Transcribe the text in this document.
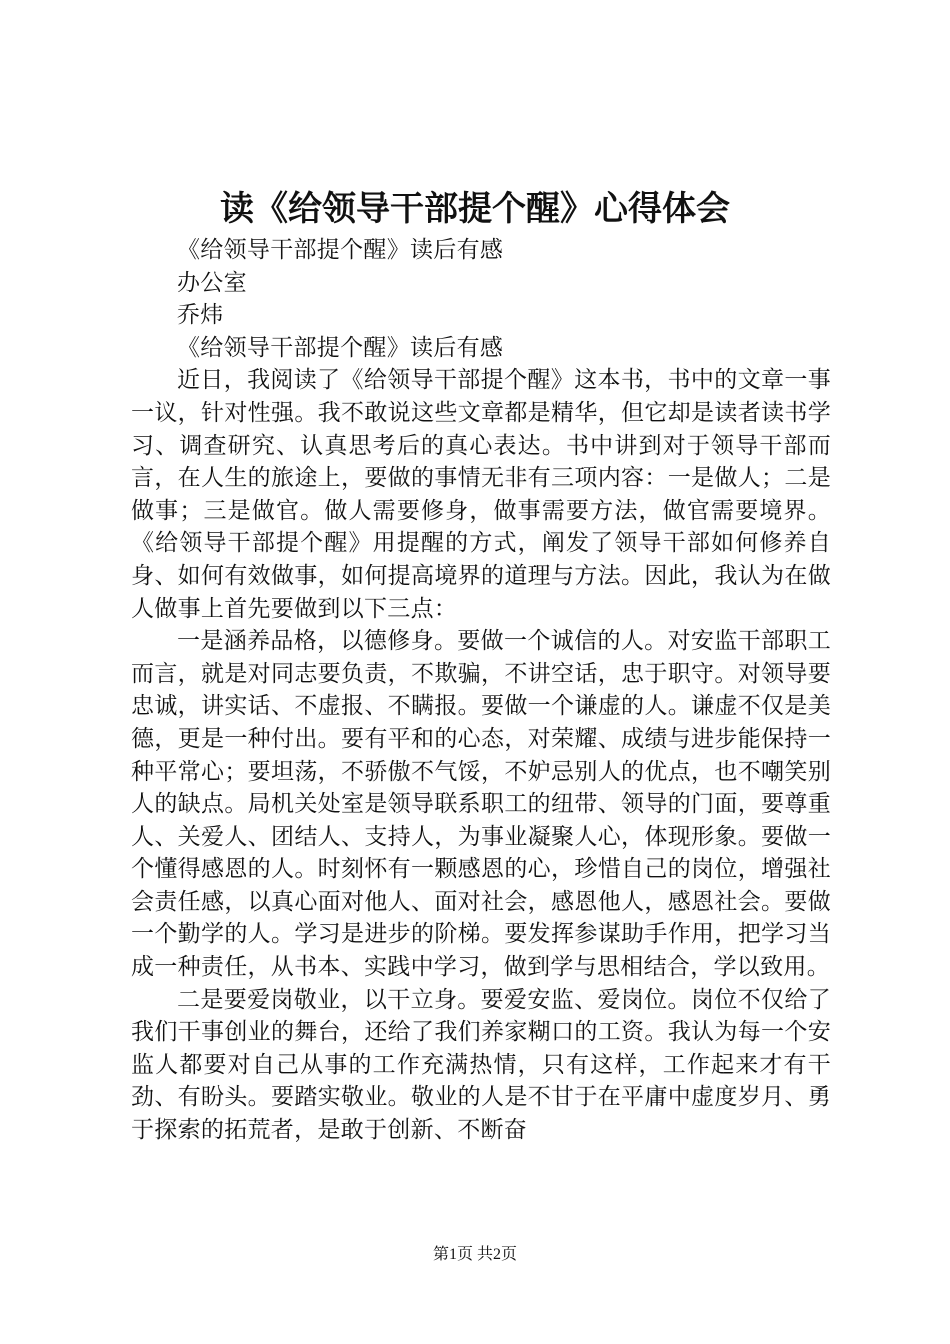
读《给领导干部提个醒》心得体会

《给领导干部提个醒》读后有感

办公室

乔炜

《给领导干部提个醒》读后有感

近日，我阅读了《给领导干部提个醒》这本书，书中的文章一事一议，针对性强。我不敢说这些文章都是精华，但它却是读者读书学习、调查研究、认真思考后的真心表达。书中讲到对于领导干部而言，在人生的旅途上，要做的事情无非有三项内容：一是做人；二是做事；三是做官。做人需要修身，做事需要方法，做官需要境界。《给领导干部提个醒》用提醒的方式，阐发了领导干部如何修养自身、如何有效做事，如何提高境界的道理与方法。因此，我认为在做人做事上首先要做到以下三点：

一是涵养品格，以德修身。要做一个诚信的人。对安监干部职工而言，就是对同志要负责，不欺骗，不讲空话，忠于职守。对领导要忠诚，讲实话、不虚报、不瞒报。要做一个谦虚的人。谦虚不仅是美德，更是一种付出。要有平和的心态，对荣耀、成绩与进步能保持一种平常心；要坦荡，不骄傲不气馁，不妒忌别人的优点，也不嘲笑别人的缺点。局机关处室是领导联系职工的纽带、领导的门面，要尊重人、关爱人、团结人、支持人，为事业凝聚人心，体现形象。要做一个懂得感恩的人。时刻怀有一颗感恩的心，珍惜自己的岗位，增强社会责任感，以真心面对他人、面对社会，感恩他人，感恩社会。要做一个勤学的人。学习是进步的阶梯。要发挥参谋助手作用，把学习当成一种责任，从书本、实践中学习，做到学与思相结合，学以致用。

二是要爱岗敬业，以干立身。要爱安监、爱岗位。岗位不仅给了我们干事创业的舞台，还给了我们养家糊口的工资。我认为每一个安监人都要对自己从事的工作充满热情，只有这样，工作起来才有干劲、有盼头。要踏实敬业。敬业的人是不甘于在平庸中虚度岁月、勇于探索的拓荒者，是敢于创新、不断奋

第1页 共2页
